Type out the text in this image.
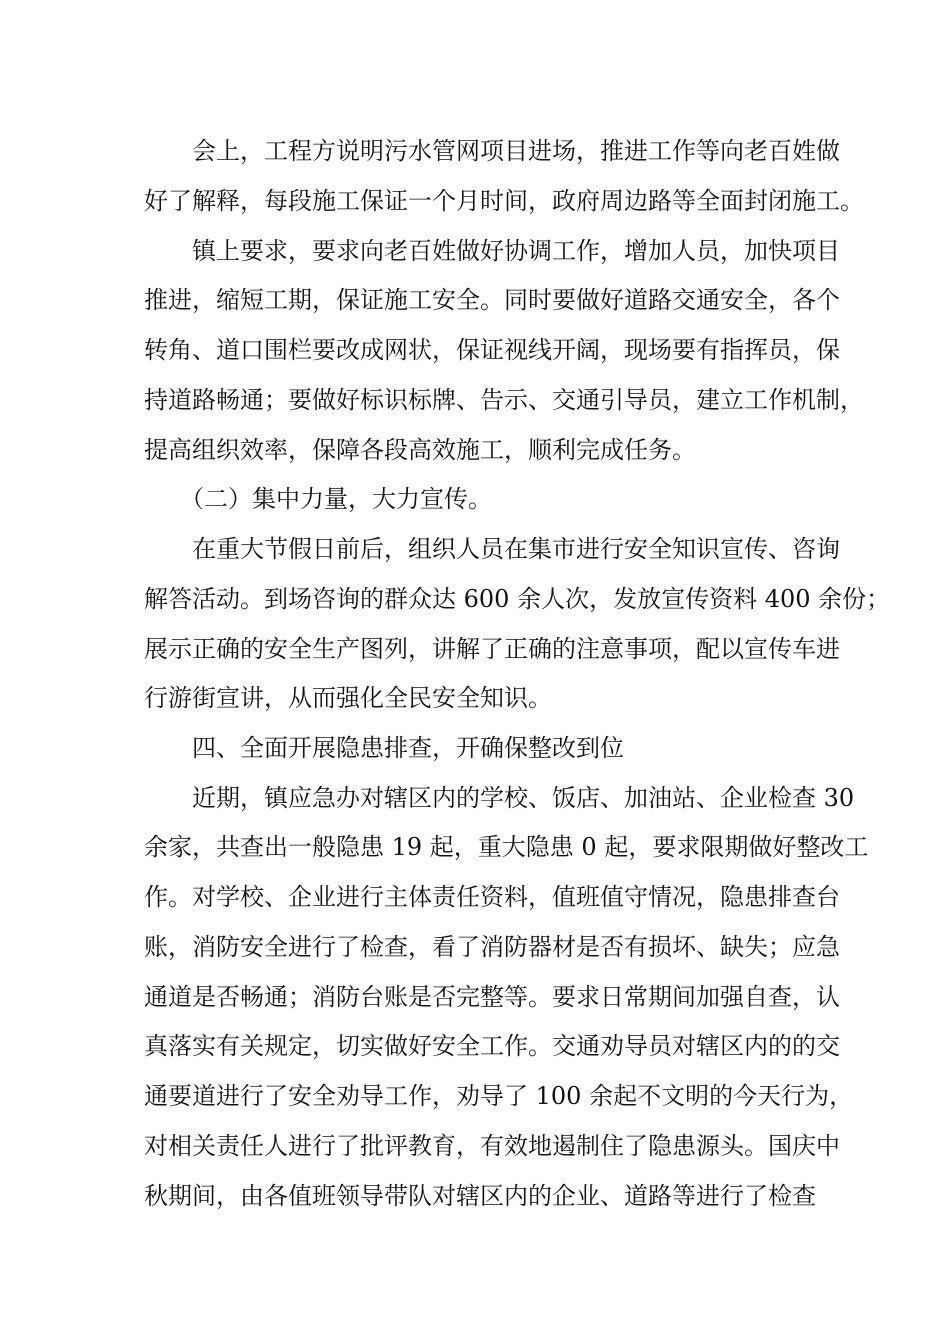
会上，工程方说明污水管网项目进场，推进工作等向老百姓做
好了解释，每段施工保证一个月时间，政府周边路等全面封闭施工。
镇上要求，要求向老百姓做好协调工作，增加人员，加快项目
推进，缩短工期，保证施工安全。同时要做好道路交通安全，各个
转角、道口围栏要改成网状，保证视线开阔，现场要有指挥员，保
持道路畅通；要做好标识标牌、告示、交通引导员，建立工作机制，
提高组织效率，保障各段高效施工，顺利完成任务。
（二）集中力量，大力宣传。
在重大节假日前后，组织人员在集市进行安全知识宣传、咨询
解答活动。到场咨询的群众达 600 余人次，发放宣传资料 400 余份；
展示正确的安全生产图列，讲解了正确的注意事项，配以宣传车进
行游街宣讲，从而强化全民安全知识。
四、全面开展隐患排查，开确保整改到位
近期，镇应急办对辖区内的学校、饭店、加油站、企业检查 30
余家，共查出一般隐患 19 起，重大隐患 0 起，要求限期做好整改工
作。对学校、企业进行主体责任资料，值班值守情况，隐患排查台
账，消防安全进行了检查，看了消防器材是否有损坏、缺失；应急
通道是否畅通；消防台账是否完整等。要求日常期间加强自查，认
真落实有关规定，切实做好安全工作。交通劝导员对辖区内的的交
通要道进行了安全劝导工作，劝导了 100 余起不文明的今天行为，
对相关责任人进行了批评教育，有效地遏制住了隐患源头。国庆中
秋期间，由各值班领导带队对辖区内的企业、道路等进行了检查
